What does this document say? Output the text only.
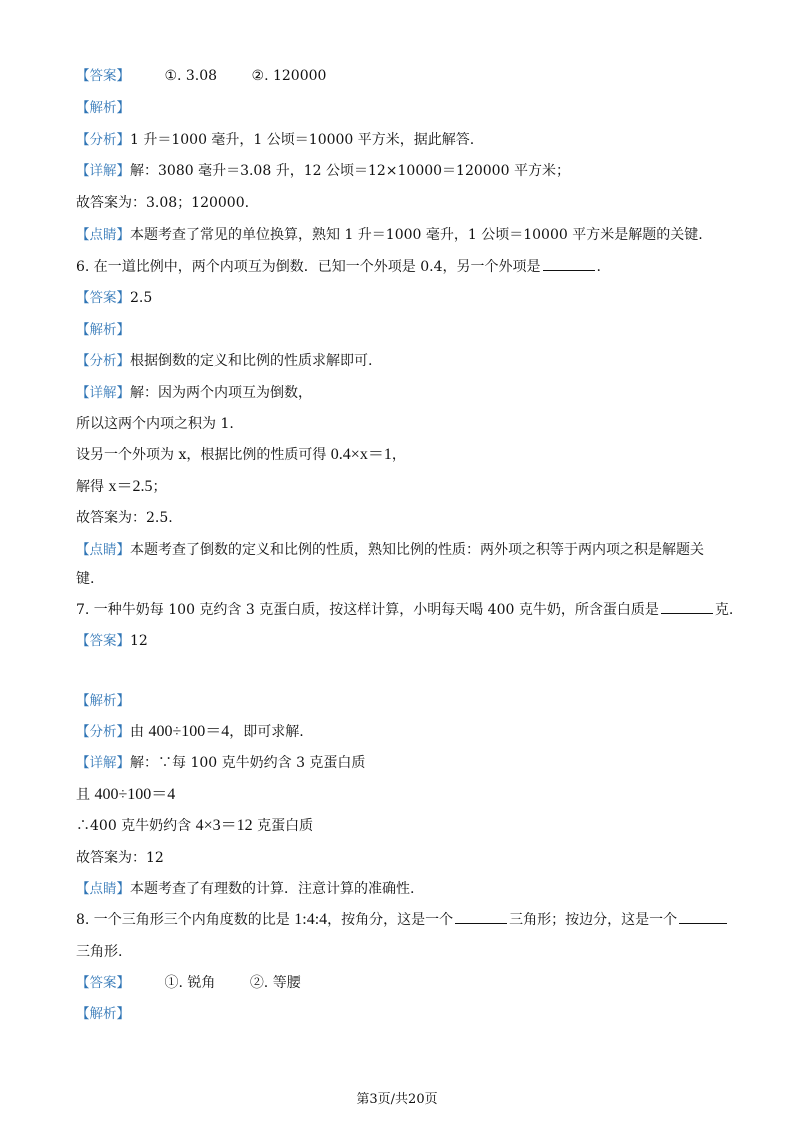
【答案】 ①. 3.08 ②. 120000
【解析】
【分析】1 升＝1000 毫升，1 公顷＝10000 平方米，据此解答.
【详解】解：3080 毫升＝3.08 升，12 公顷＝12×10000＝120000 平方米；
故答案为：3.08；120000.
【点睛】本题考查了常见的单位换算，熟知 1 升＝1000 毫升，1 公顷＝10000 平方米是解题的关键.
6. 在一道比例中，两个内项互为倒数．已知一个外项是 0.4，另一个外项是	.
【答案】2.5
【解析】
【分析】根据倒数的定义和比例的性质求解即可.
【详解】解：因为两个内项互为倒数，
所以这两个内项之积为 1.
设另一个外项为 x，根据比例的性质可得 0.4×x＝1，
解得 x＝2.5；
故答案为：2.5.
【点睛】本题考查了倒数的定义和比例的性质，熟知比例的性质：两外项之积等于两内项之积是解题关
键.
7. 一种牛奶每 100 克约含 3 克蛋白质，按这样计算，小明每天喝 400 克牛奶，所含蛋白质是	克.
【答案】12
【解析】
【分析】由 400÷100＝4，即可求解.
【详解】解：∵每 100 克牛奶约含 3 克蛋白质
且 400÷100＝4
∴400 克牛奶约含 4×3＝12 克蛋白质
故答案为：12
【点睛】本题考查了有理数的计算．注意计算的准确性.
8. 一个三角形三个内角度数的比是 1:4:4，按角分，这是一个	三角形；按边分，这是一个
三角形.
【答案】 ①. 锐角 ②. 等腰
【解析】
第3页/共20页
